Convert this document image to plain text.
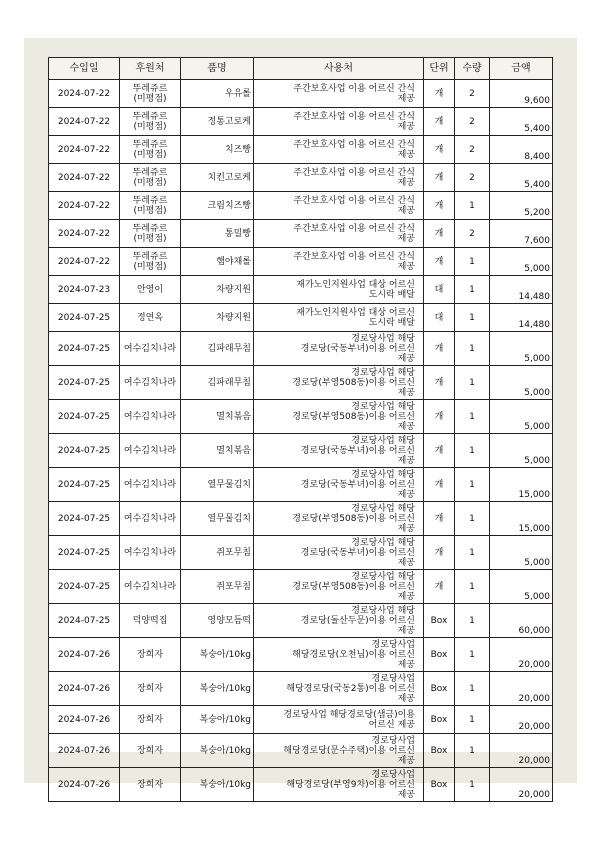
수입일	후원처	품명	사용처	단위	수량	금액
2024-07-22	뚜레쥬르(미평점)	우유롤	주간보호사업 이용 어르신 간식
제공	개	2	9,600
2024-07-22	뚜레쥬르(미평점)	정통고로케	주간보호사업 이용 어르신 간식
제공	개	2	5,400
2024-07-22	뚜레쥬르(미평점)	치즈빵	주간보호사업 이용 어르신 간식
제공	개	2	8,400
2024-07-22	뚜레쥬르(미평점)	치킨고로케	주간보호사업 이용 어르신 간식
제공	개	2	5,400
2024-07-22	뚜레쥬르(미평점)	크림치즈빵	주간보호사업 이용 어르신 간식
제공	개	1	5,200
2024-07-22	뚜레쥬르(미평점)	통밀빵	주간보호사업 이용 어르신 간식
제공	개	2	7,600
2024-07-22	뚜레쥬르(미평점)	햄야채롤	주간보호사업 이용 어르신 간식
제공	개	1	5,000
2024-07-23	안영이	차량지원	재가노인지원사업 대상 어르신
도시락 배달	대	1	14,480
2024-07-25	정연옥	차량지원	재가노인지원사업 대상 어르신
도시락 배달	대	1	14,480
2024-07-25	여수김치나라	김파래무침	경로당사업 해당
경로당(국동부녀)이용 어르신
제공	개	1	5,000
2024-07-25	여수김치나라	김파래무침	경로당사업 해당
경로당(부영508동)이용 어르신
제공	개	1	5,000
2024-07-25	여수김치나라	멸치볶음	경로당사업 해당
경로당(부영508동)이용 어르신
제공	개	1	5,000
2024-07-25	여수김치나라	멸치볶음	경로당사업 해당
경로당(국동부녀)이용 어르신
제공	개	1	5,000
2024-07-25	여수김치나라	열무물김치	경로당사업 해당
경로당(국동부녀)이용 어르신
제공	개	1	15,000
2024-07-25	여수김치나라	열무물김치	경로당사업 해당
경로당(부영508동)이용 어르신
제공	개	1	15,000
2024-07-25	여수김치나라	쥐포무침	경로당사업 해당
경로당(국동부녀)이용 어르신
제공	개	1	5,000
2024-07-25	여수김치나라	쥐포무침	경로당사업 해당
경로당(부영508동)이용 어르신
제공	개	1	5,000
2024-07-25	덕양떡집	영양모듬떡	경로당사업 해당
경로당(돌산두문)이용 어르신
제공	Box	1	60,000
2024-07-26	장희자	복숭아/10kg	경로당사업
해당경로당(오천님)이용 어르신
제공	Box	1	20,000
2024-07-26	장희자	복숭아/10kg	경로당사업
해당경로당(국동2통)이용 어르신
제공	Box	1	20,000
2024-07-26	장희자	복숭아/10kg	경로당사업 해당경로당(샘금)이용
어르신 제공	Box	1	20,000
2024-07-26	장희자	복숭아/10kg	경로당사업
해당경로당(문수주택)이용 어르신
제공	Box	1	20,000
2024-07-26	장희자	복숭아/10kg	경로당사업
해당경로당(부영9차)이용 어르신
제공	Box	1	20,000
